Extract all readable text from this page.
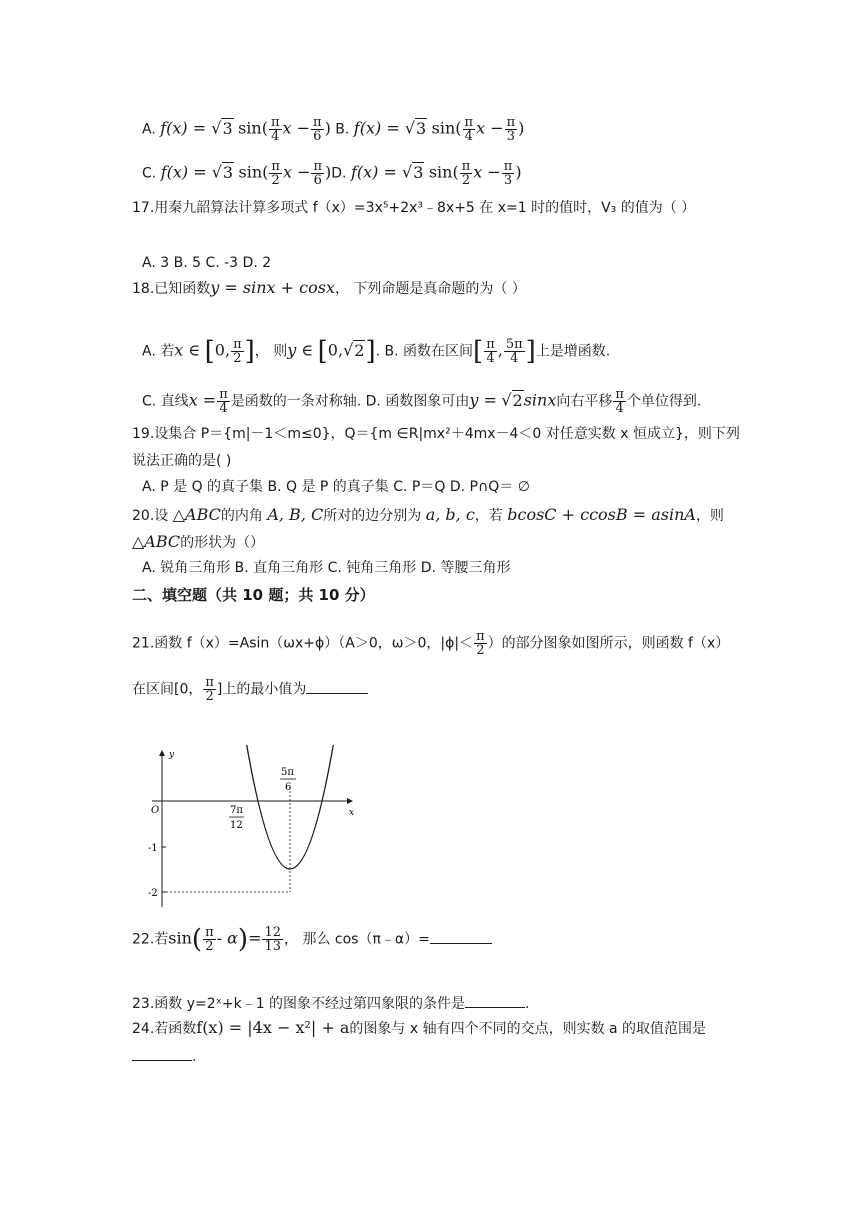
A. f(x) = √3 $\sin( \frac{\pi}{4}$ $x - \frac{\pi}{6}$ ) B. f(x) = √3 $\sin( \frac{\pi}{4}$ $x - \frac{\pi}{3}$ )
C. f(x) = √3 $\sin( \frac{\pi}{2}$ $x - \frac{\pi}{6} )D$. f(x) = √3 $\sin( \frac{\pi}{2}$ $x - \frac{\pi}{3}$ )
17.用秦九韶算法计算多项式 f（x）=3x⁵+2x³﹣8x+5 在 x=1 时的值时，V₃ 的值为（ ）
A. 3 B. 5 C. -3 D. 2
18.已知函数y = sinx + cosx， 下列命题是真命题的为（ ）
A. 若x ∈ [0, $\frac{\pi}{2}$ ]， 则y ∈ [0,√2]. B. 函数在区间[ $\frac{\pi}{4}$ , $\frac{5\pi}{4}$ ]上是增函数.
C. 直线$x = \frac{\pi}{4}$ 是函数的一条对称轴. D. 函数图象可由y = √2sinx向右平移 $\frac{\pi}{4}$ 个单位得到.
19.设集合 P＝{m|－1＜m≤0}，Q＝{m ∈R|mx²＋4mx－4＜0 对任意实数 x 恒成立}，则下列
说法正确的是( )
A. P 是 Q 的真子集 B. Q 是 P 的真子集 C. P＝Q D. P∩Q＝ ∅
20.设 △ABC的内角 A, B, C所对的边分别为 a, b, c，若 bcosC + ccosB = asinA，则
△ABC的形状为（）
A. 锐角三角形 B. 直角三角形 C. 钝角三角形 D. 等腰三角形
二、填空题（共 10 题；共 10 分）
21.函数 f（x）=Asin（ωx+ϕ）（A＞0，ω＞0，$|\phi|< \frac{\pi}{2}$ ）的部分图象如图所示，则函数 f（x）
在区间[0， $\frac{\pi}{2}$ ]上的最小值为
y
x
O
-1
-2
7π
12
5π
6
22.若$\sin( \frac{\pi}{2} - \alpha)= \frac{12}{13}$ ， 那么 cos（π﹣α）=
23.函数 y=2ˣ+k﹣1 的图象不经过第四象限的条件是	.
24.若函数f(x) = |4x − x²| + a的图象与 x 轴有四个不同的交点，则实数 a 的取值范围是
.
